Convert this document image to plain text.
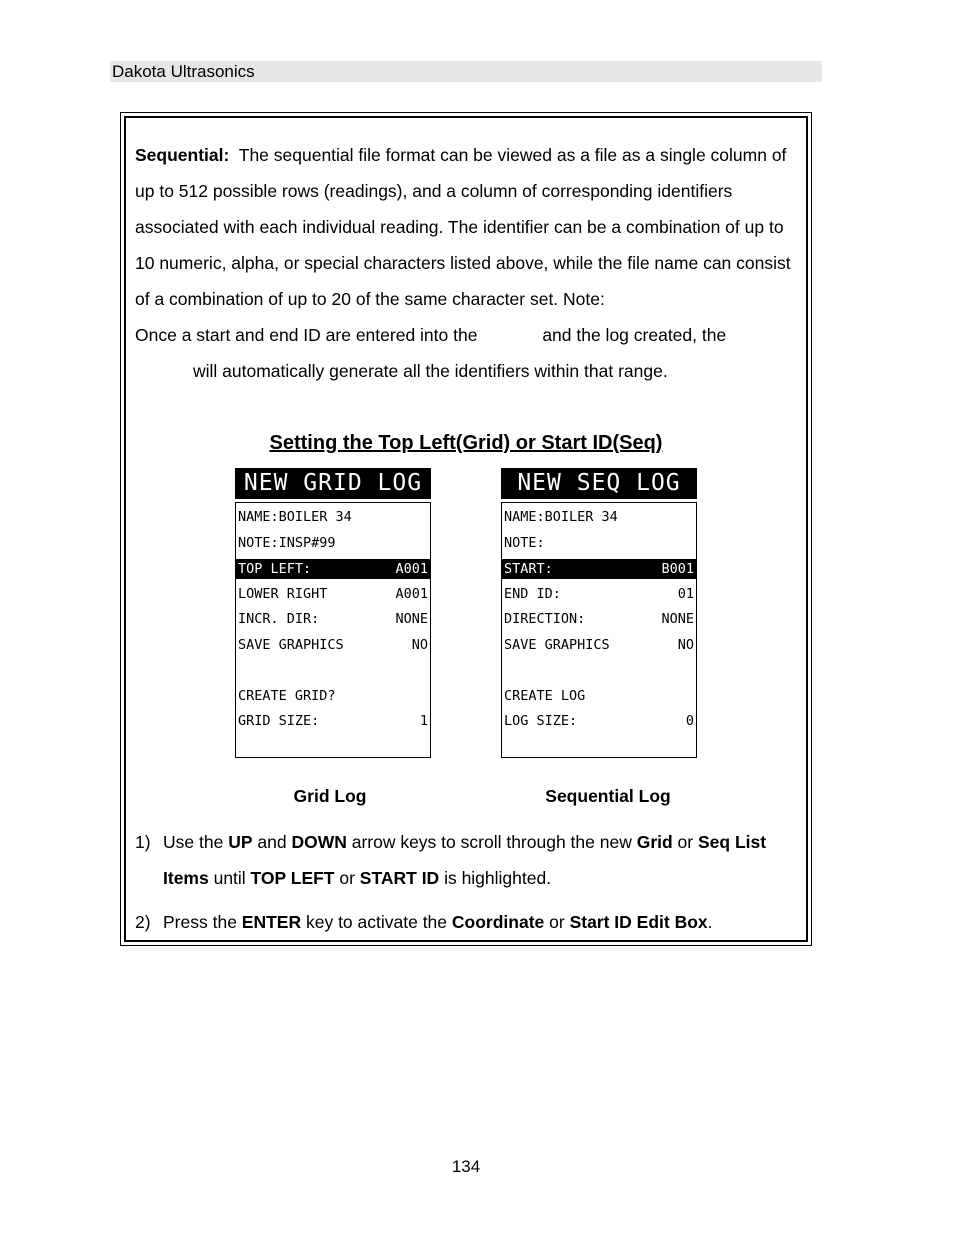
Dakota Ultrasonics

Sequential: The sequential file format can be viewed as a file as a single column of up to 512 possible rows (readings), and a column of corresponding identifiers associated with each individual reading. The identifier can be a combination of up to 10 numeric, alpha, or special characters listed above, while the file name can consist of a combination of up to 20 of the same character set. Note:

Once a start and end ID are entered into the	and the log created, the

will automatically generate all the identifiers within that range.

Setting the Top Left(Grid) or Start ID(Seq)
NEW GRID LOG
NAME:BOILER 34
NOTE:INSP#99
TOP LEFT:	A001
LOWER RIGHT	A001
INCR. DIR:	NONE
SAVE GRAPHICS	NO
CREATE GRID?
GRID SIZE:	1
NEW SEQ LOG
NAME:BOILER 34
NOTE:
START:	B001
END ID:	01
DIRECTION:	NONE
SAVE GRAPHICS	NO
CREATE LOG
LOG SIZE:	0
Grid Log	Sequential Log
1) Use the UP and DOWN arrow keys to scroll through the new Grid or Seq List Items until TOP LEFT or START ID is highlighted.
2) Press the ENTER key to activate the Coordinate or Start ID Edit Box.
134
